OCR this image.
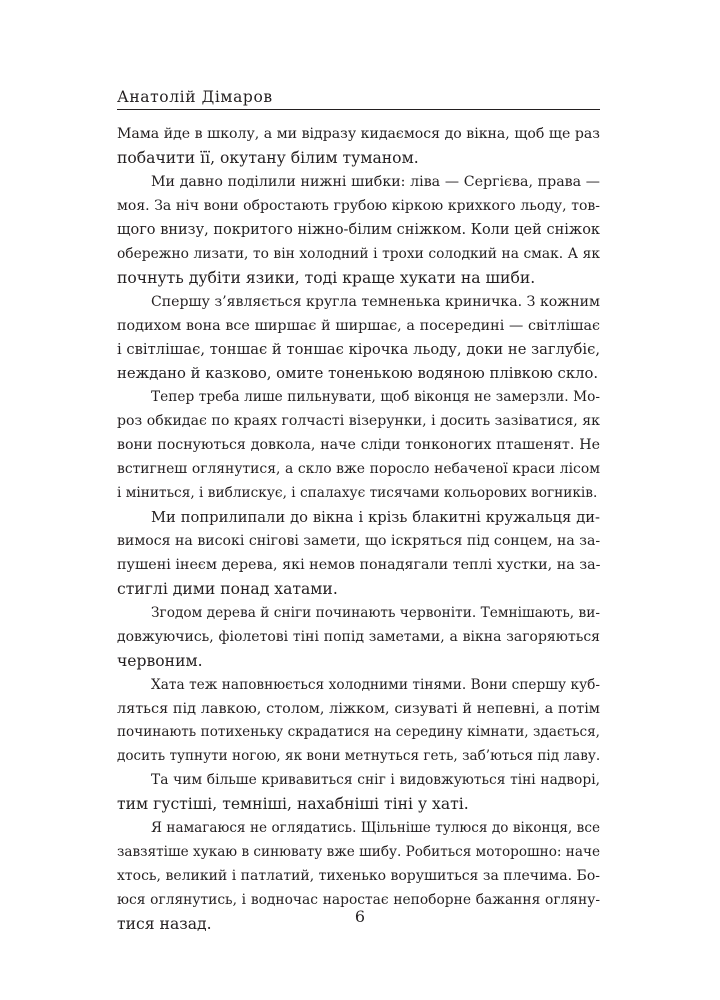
Анатолій Дімаров
Мама йде в школу, а ми відразу кидаємося до вікна, щоб ще раз
побачити її, окутану білим туманом.
Ми давно поділили нижні шибки: ліва — Сергієва, права —
моя. За ніч вони обростають грубою кіркою крихкого льоду, тов-
щого внизу, покритого ніжно-білим сніжком. Коли цей сніжок
обережно лизати, то він холодний і трохи солодкий на смак. А як
почнуть дубіти язики, тоді краще хукати на шиби.
Спершу з’являється кругла темненька криничка. З кожним
подихом вона все ширшає й ширшає, а посередині — світлішає
і світлішає, тоншає й тоншає кірочка льоду, доки не заглубіє,
неждано й казково, омите тоненькою водяною плівкою скло.
Тепер треба лише пильнувати, щоб віконця не замерзли. Мо-
роз обкидає по краях голчасті візерунки, і досить зазіватися, як
вони поснуються довкола, наче сліди тонконогих пташенят. Не
встигнеш оглянутися, а скло вже поросло небаченої краси лісом
і міниться, і виблискує, і спалахує тисячами кольорових вогників.
Ми поприлипали до вікна і крізь блакитні кружальця ди-
вимося на високі снігові замети, що іскряться під сонцем, на за-
пушені інеєм дерева, які немов понадягали теплі хустки, на за-
стиглі дими понад хатами.
Згодом дерева й сніги починають червоніти. Темнішають, ви-
довжуючись, фіолетові тіні попід заметами, а вікна загоряються
червоним.
Хата теж наповнюється холодними тінями. Вони спершу куб-
ляться під лавкою, столом, ліжком, сизуваті й непевні, а потім
починають потихеньку скрадатися на середину кімнати, здається,
досить тупнути ногою, як вони метнуться геть, заб’ються під лаву.
Та чим більше кривавиться сніг і видовжуються тіні надворі,
тим густіші, темніші, нахабніші тіні у хаті.
Я намагаюся не оглядатись. Щільніше тулюся до віконця, все
завзятіше хукаю в синювату вже шибу. Робиться моторошно: наче
хтось, великий і патлатий, тихенько ворушиться за плечима. Бо-
юся оглянутись, і водночас наростає непоборне бажання огляну-
тися назад.	6
